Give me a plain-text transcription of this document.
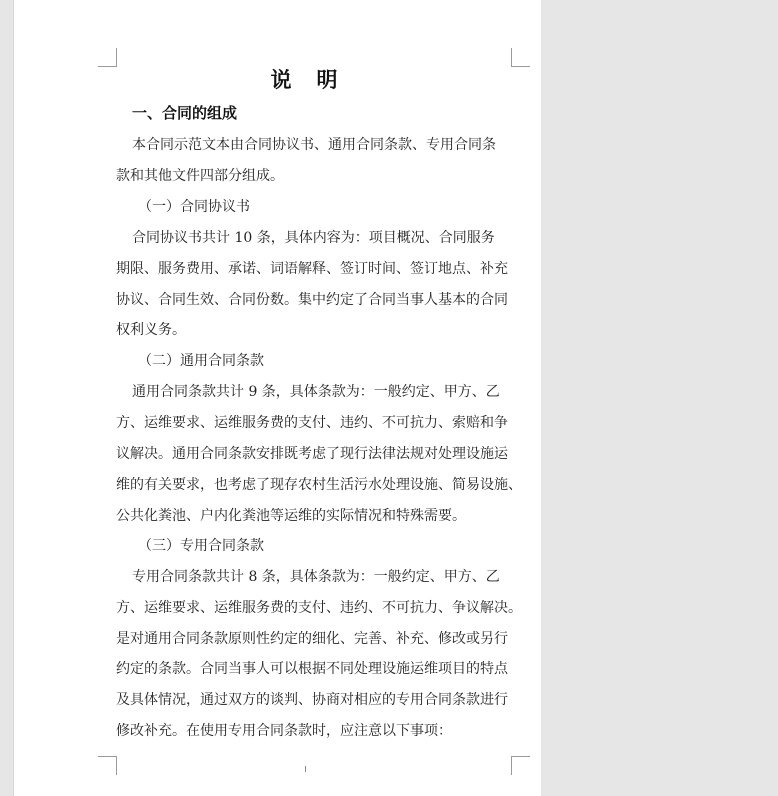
说　明
一、合同的组成
本合同示范文本由合同协议书、通用合同条款、专用合同条
款和其他文件四部分组成。
（一）合同协议书
合同协议书共计 10 条，具体内容为：项目概况、合同服务
期限、服务费用、承诺、词语解释、签订时间、签订地点、补充
协议、合同生效、合同份数。集中约定了合同当事人基本的合同
权利义务。
（二）通用合同条款
通用合同条款共计 9 条，具体条款为：一般约定、甲方、乙
方、运维要求、运维服务费的支付、违约、不可抗力、索赔和争
议解决。通用合同条款安排既考虑了现行法律法规对处理设施运
维的有关要求，也考虑了现存农村生活污水处理设施、简易设施、
公共化粪池、户内化粪池等运维的实际情况和特殊需要。
（三）专用合同条款
专用合同条款共计 8 条，具体条款为：一般约定、甲方、乙
方、运维要求、运维服务费的支付、违约、不可抗力、争议解决。
是对通用合同条款原则性约定的细化、完善、补充、修改或另行
约定的条款。合同当事人可以根据不同处理设施运维项目的特点
及具体情况，通过双方的谈判、协商对相应的专用合同条款进行
修改补充。在使用专用合同条款时，应注意以下事项：
